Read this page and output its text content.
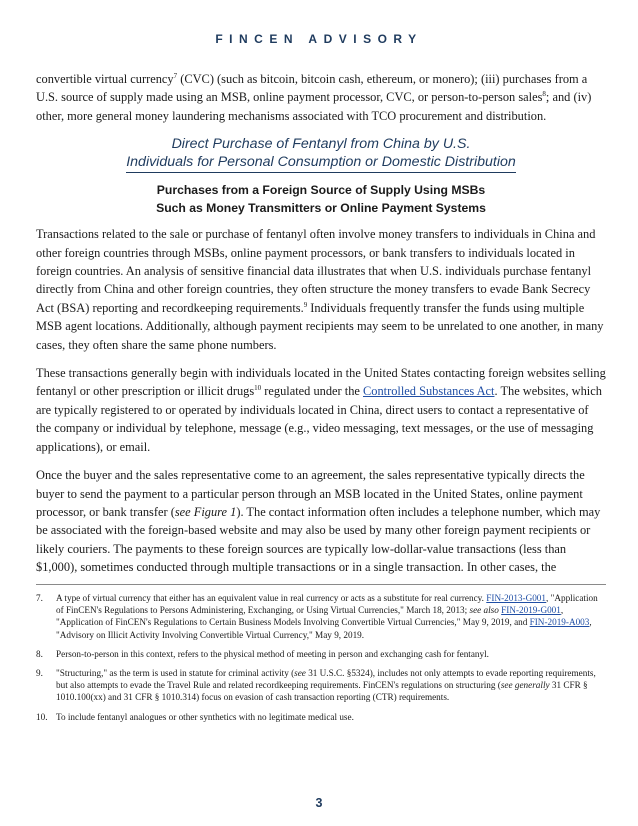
FINCEN ADVISORY

convertible virtual currency$^7$ (CVC) (such as bitcoin, bitcoin cash, ethereum, or monero); (iii) purchases from a U.S. source of supply made using an MSB, online payment processor, CVC, or person-to-person sales$^8$; and (iv) other, more general money laundering mechanisms associated with TCO procurement and distribution.

Direct Purchase of Fentanyl from China by U.S.
Individuals for Personal Consumption or Domestic Distribution
Purchases from a Foreign Source of Supply Using MSBs
Such as Money Transmitters or Online Payment Systems

Transactions related to the sale or purchase of fentanyl often involve money transfers to individuals in China and other foreign countries through MSBs, online payment processors, or bank transfers to individuals located in foreign countries. An analysis of sensitive financial data illustrates that when U.S. individuals purchase fentanyl directly from China and other foreign countries, they often structure the money transfers to evade Bank Secrecy Act (BSA) reporting and recordkeeping requirements.$^9$ Individuals frequently transfer the funds using multiple MSB agent locations. Additionally, although payment recipients may seem to be unrelated to one another, in many cases, they often share the same phone numbers.

These transactions generally begin with individuals located in the United States contacting foreign websites selling fentanyl or other prescription or illicit drugs$^{10}$ regulated under the Controlled Substances Act. The websites, which are typically registered to or operated by individuals located in China, direct users to contact a representative of the company or individual by telephone, message (e.g., video messaging, text messages, or the use of messaging applications), or email.

Once the buyer and the sales representative come to an agreement, the sales representative typically directs the buyer to send the payment to a particular person through an MSB located in the United States, online payment processor, or bank transfer (see Figure 1). The contact information often includes a telephone number, which may be associated with the foreign-based website and may also be used by many other foreign payment recipients or likely couriers. The payments to these foreign sources are typically low-dollar-value transactions (less than $1,000), sometimes conducted through multiple transactions or in a single transaction. In other cases, the

7.	A type of virtual currency that either has an equivalent value in real currency or acts as a substitute for real currency. FIN-2013-G001, "Application of FinCEN's Regulations to Persons Administering, Exchanging, or Using Virtual Currencies," March 18, 2013; see also FIN-2019-G001, "Application of FinCEN's Regulations to Certain Business Models Involving Convertible Virtual Currencies," May 9, 2019, and FIN-2019-A003, "Advisory on Illicit Activity Involving Convertible Virtual Currency," May 9, 2019.
8.	Person-to-person in this context, refers to the physical method of meeting in person and exchanging cash for fentanyl.
9.	"Structuring," as the term is used in statute for criminal activity (see 31 U.S.C. §5324), includes not only attempts to evade reporting requirements, but also attempts to evade the Travel Rule and related recordkeeping requirements. FinCEN's regulations on structuring (see generally 31 CFR § 1010.100(xx) and 31 CFR § 1010.314) focus on evasion of cash transaction reporting (CTR) requirements.
10. To include fentanyl analogues or other synthetics with no legitimate medical use.
3
